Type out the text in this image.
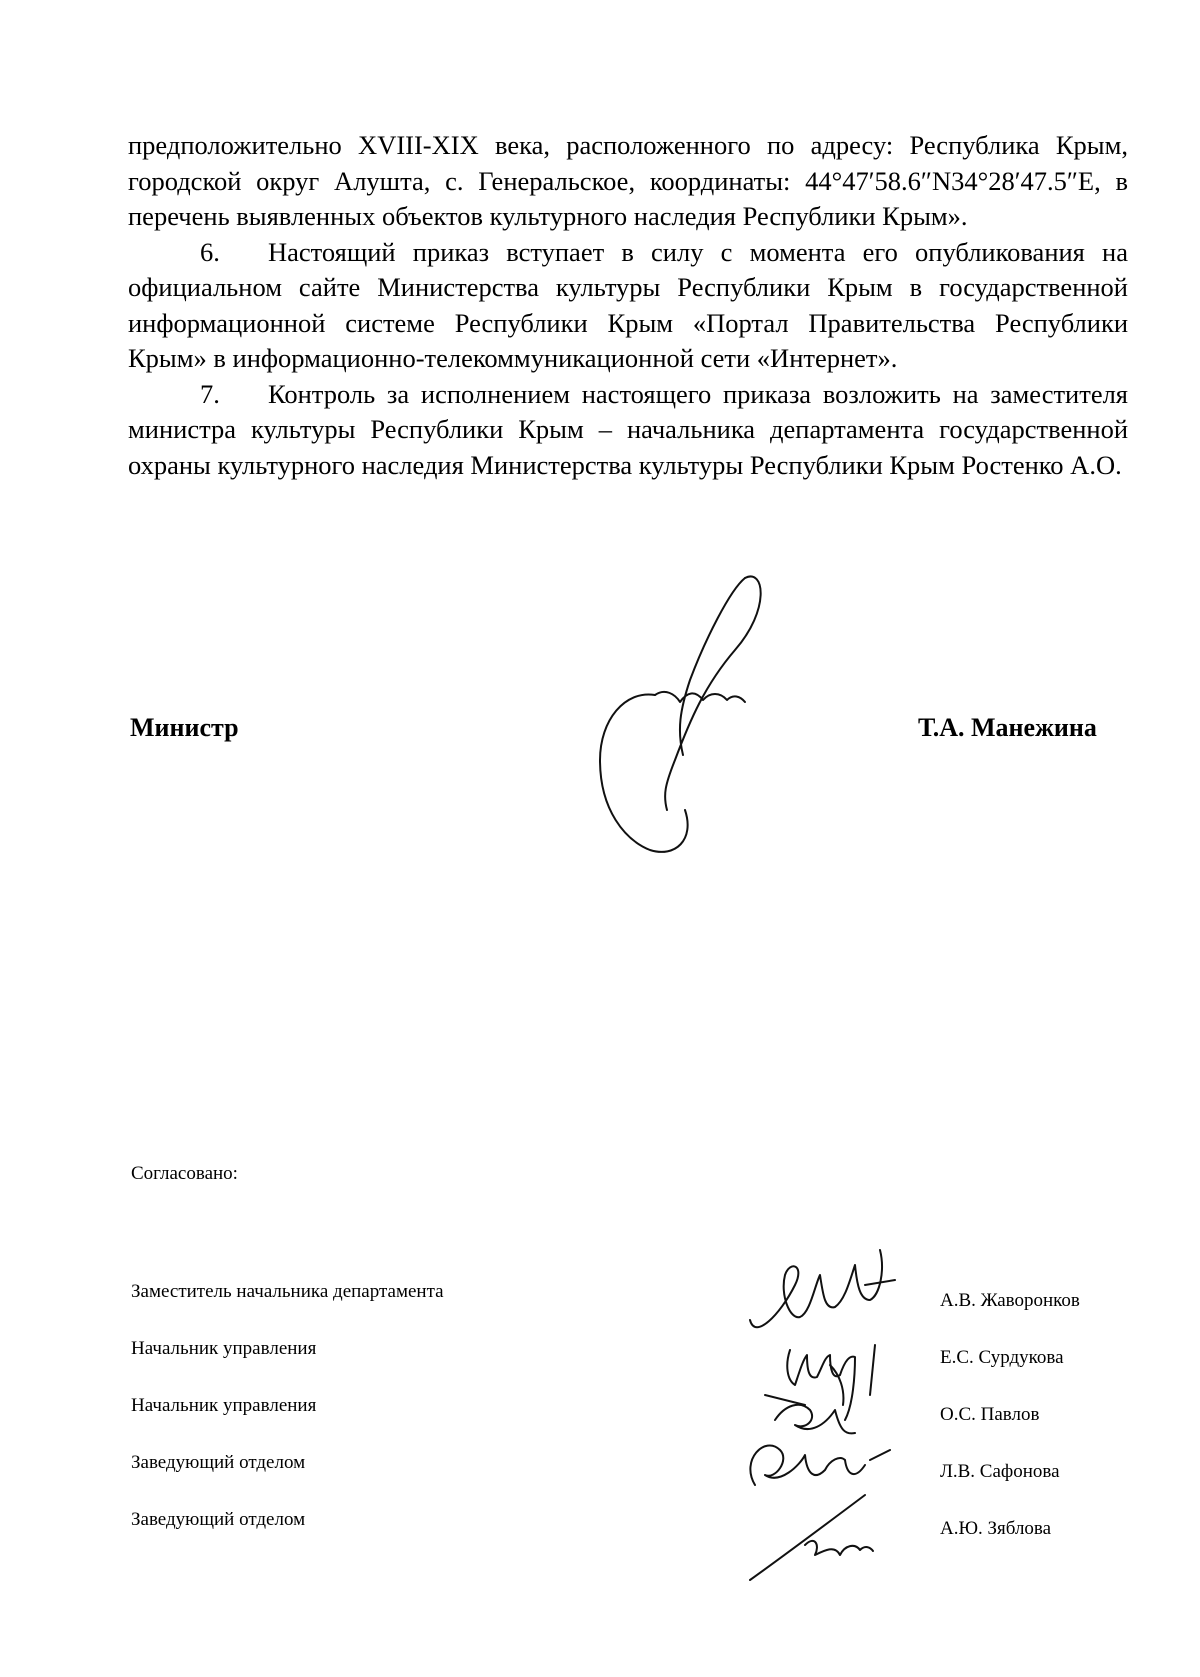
предположительно XVIII-XIX века, расположенного по адресу: Республика Крым, городской округ Алушта, с. Генеральское, координаты: 44°47′58.6″N34°28′47.5″E, в перечень выявленных объектов культурного наследия Республики Крым».

6. Настоящий приказ вступает в силу с момента его опубликования на официальном сайте Министерства культуры Республики Крым в государственной информационной системе Республики Крым «Портал Правительства Республики Крым» в информационно-телекоммуникационной сети «Интернет».

7. Контроль за исполнением настоящего приказа возложить на заместителя министра культуры Республики Крым – начальника департамента государственной охраны культурного наследия Министерства культуры Республики Крым Ростенко А.О.

Министр	Т.А. Манежина
Согласовано:
Заместитель начальника департамента	А.В. Жаворонков
Начальник управления	Е.С. Сурдукова
Начальник управления	О.С. Павлов
Заведующий отделом	Л.В. Сафонова
Заведующий отделом	А.Ю. Зяблова
